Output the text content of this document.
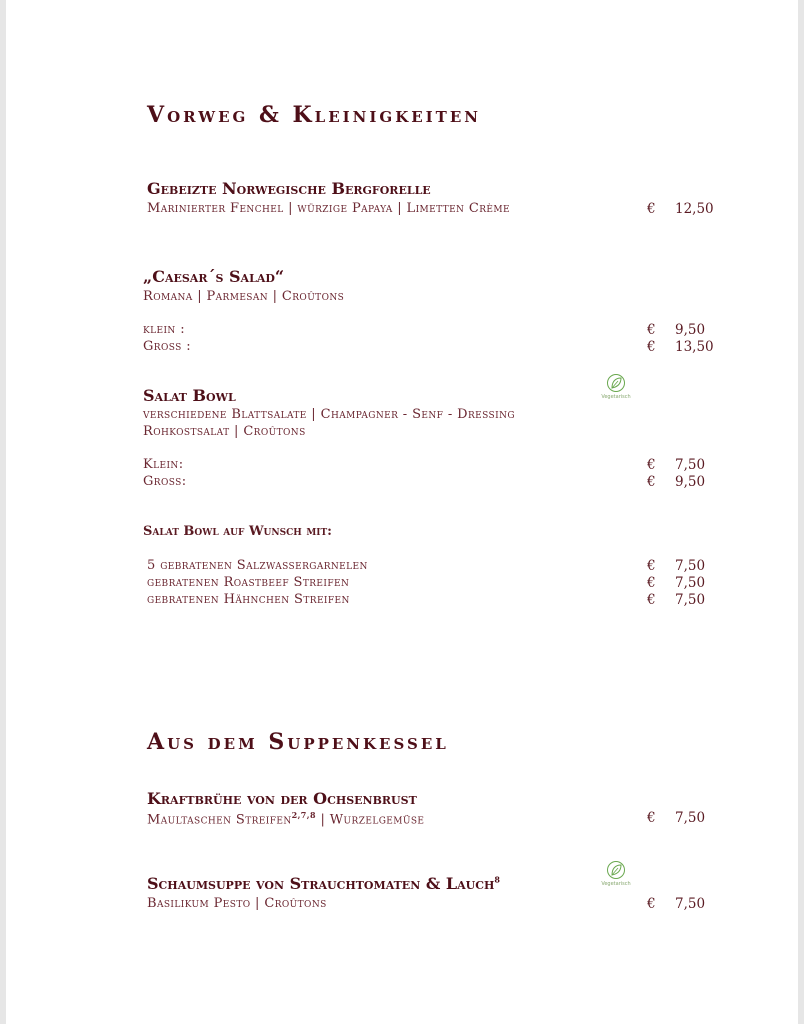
Vorweg & Kleinigkeiten
Gebeizte Norwegische Bergforelle
Marinierter Fenchel | würzige Papaya | Limetten Crème	€ 12,50
„Caesar´s Salad“
Romana | Parmesan | Croûtons
klein :	€ 9,50
Gross :	€ 13,50
Salat Bowl	Vegetarisch
verschiedene Blattsalate | Champagner - Senf - Dressing
Rohkostsalat | Croûtons
Klein:	€ 7,50
Gross:	€ 9,50
Salat Bowl auf Wunsch mit:
5 gebratenen Salzwassergarnelen	€ 7,50
gebratenen Roastbeef Streifen	€ 7,50
gebratenen Hähnchen Streifen	€ 7,50
Aus dem Suppenkessel
Kraftbrühe von der Ochsenbrust
Maultaschen Streifen$^{2,7,8}$ | Wurzelgemüse	€ 7,50
Vegetarisch
Schaumsuppe von Strauchtomaten & Lauch$^8$
Basilikum Pesto | Croûtons	€ 7,50
